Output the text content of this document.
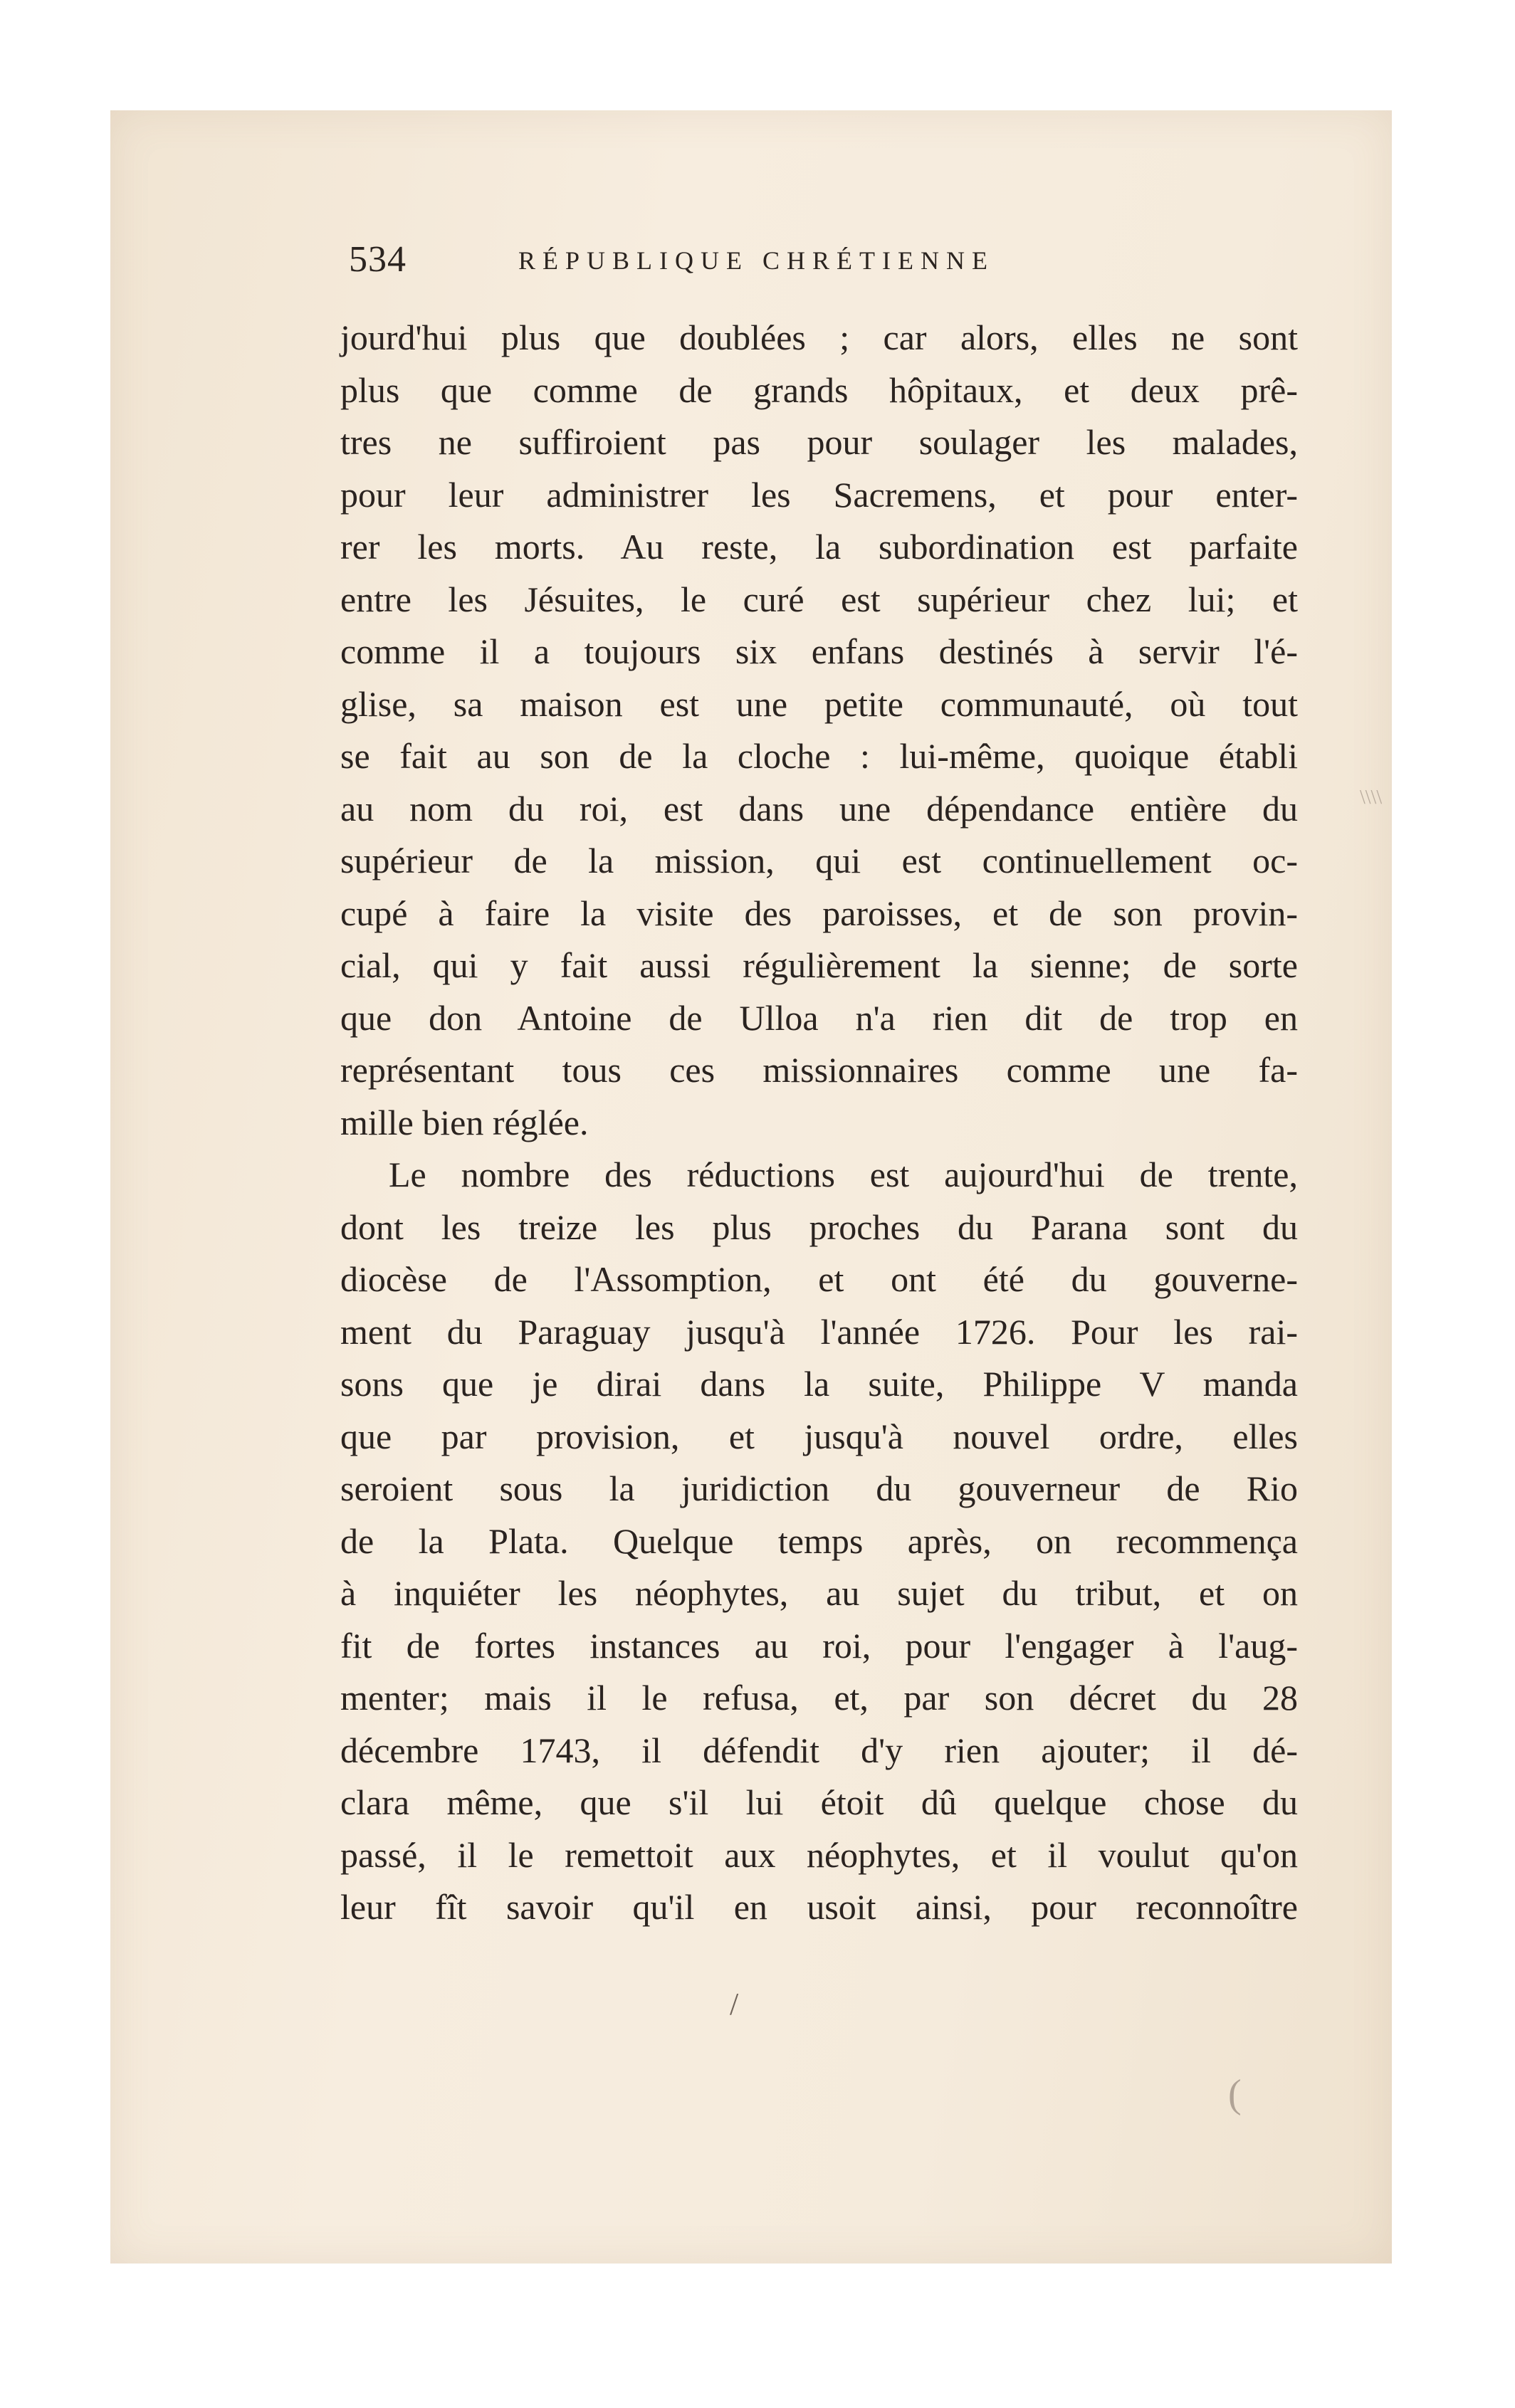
534	RÉPUBLIQUE CHRÉTIENNE
jourd'hui plus que doublées ; car alors, elles ne sont
plus que comme de grands hôpitaux, et deux prê-
tres ne suffiroient pas pour soulager les malades,
pour leur administrer les Sacremens, et pour enter-
rer les morts. Au reste, la subordination est parfaite
entre les Jésuites, le curé est supérieur chez lui; et
comme il a toujours six enfans destinés à servir l'é-
glise, sa maison est une petite communauté, où tout
se fait au son de la cloche : lui-même, quoique établi
au nom du roi, est dans une dépendance entière du
supérieur de la mission, qui est continuellement oc-
cupé à faire la visite des paroisses, et de son provin-
cial, qui y fait aussi régulièrement la sienne; de sorte
que don Antoine de Ulloa n'a rien dit de trop en
représentant tous ces missionnaires comme une fa-
mille bien réglée.
Le nombre des réductions est aujourd'hui de trente,
dont les treize les plus proches du Parana sont du
diocèse de l'Assomption, et ont été du gouverne-
ment du Paraguay jusqu'à l'année 1726. Pour les rai-
sons que je dirai dans la suite, Philippe V manda
que par provision, et jusqu'à nouvel ordre, elles
seroient sous la juridiction du gouverneur de Rio
de la Plata. Quelque temps après, on recommença
à inquiéter les néophytes, au sujet du tribut, et on
fit de fortes instances au roi, pour l'engager à l'aug-
menter; mais il le refusa, et, par son décret du 28
décembre 1743, il défendit d'y rien ajouter; il dé-
clara même, que s'il lui étoit dû quelque chose du
passé, il le remettoit aux néophytes, et il voulut qu'on
leur fît savoir qu'il en usoit ainsi, pour reconnoître
/
\\\\
(
